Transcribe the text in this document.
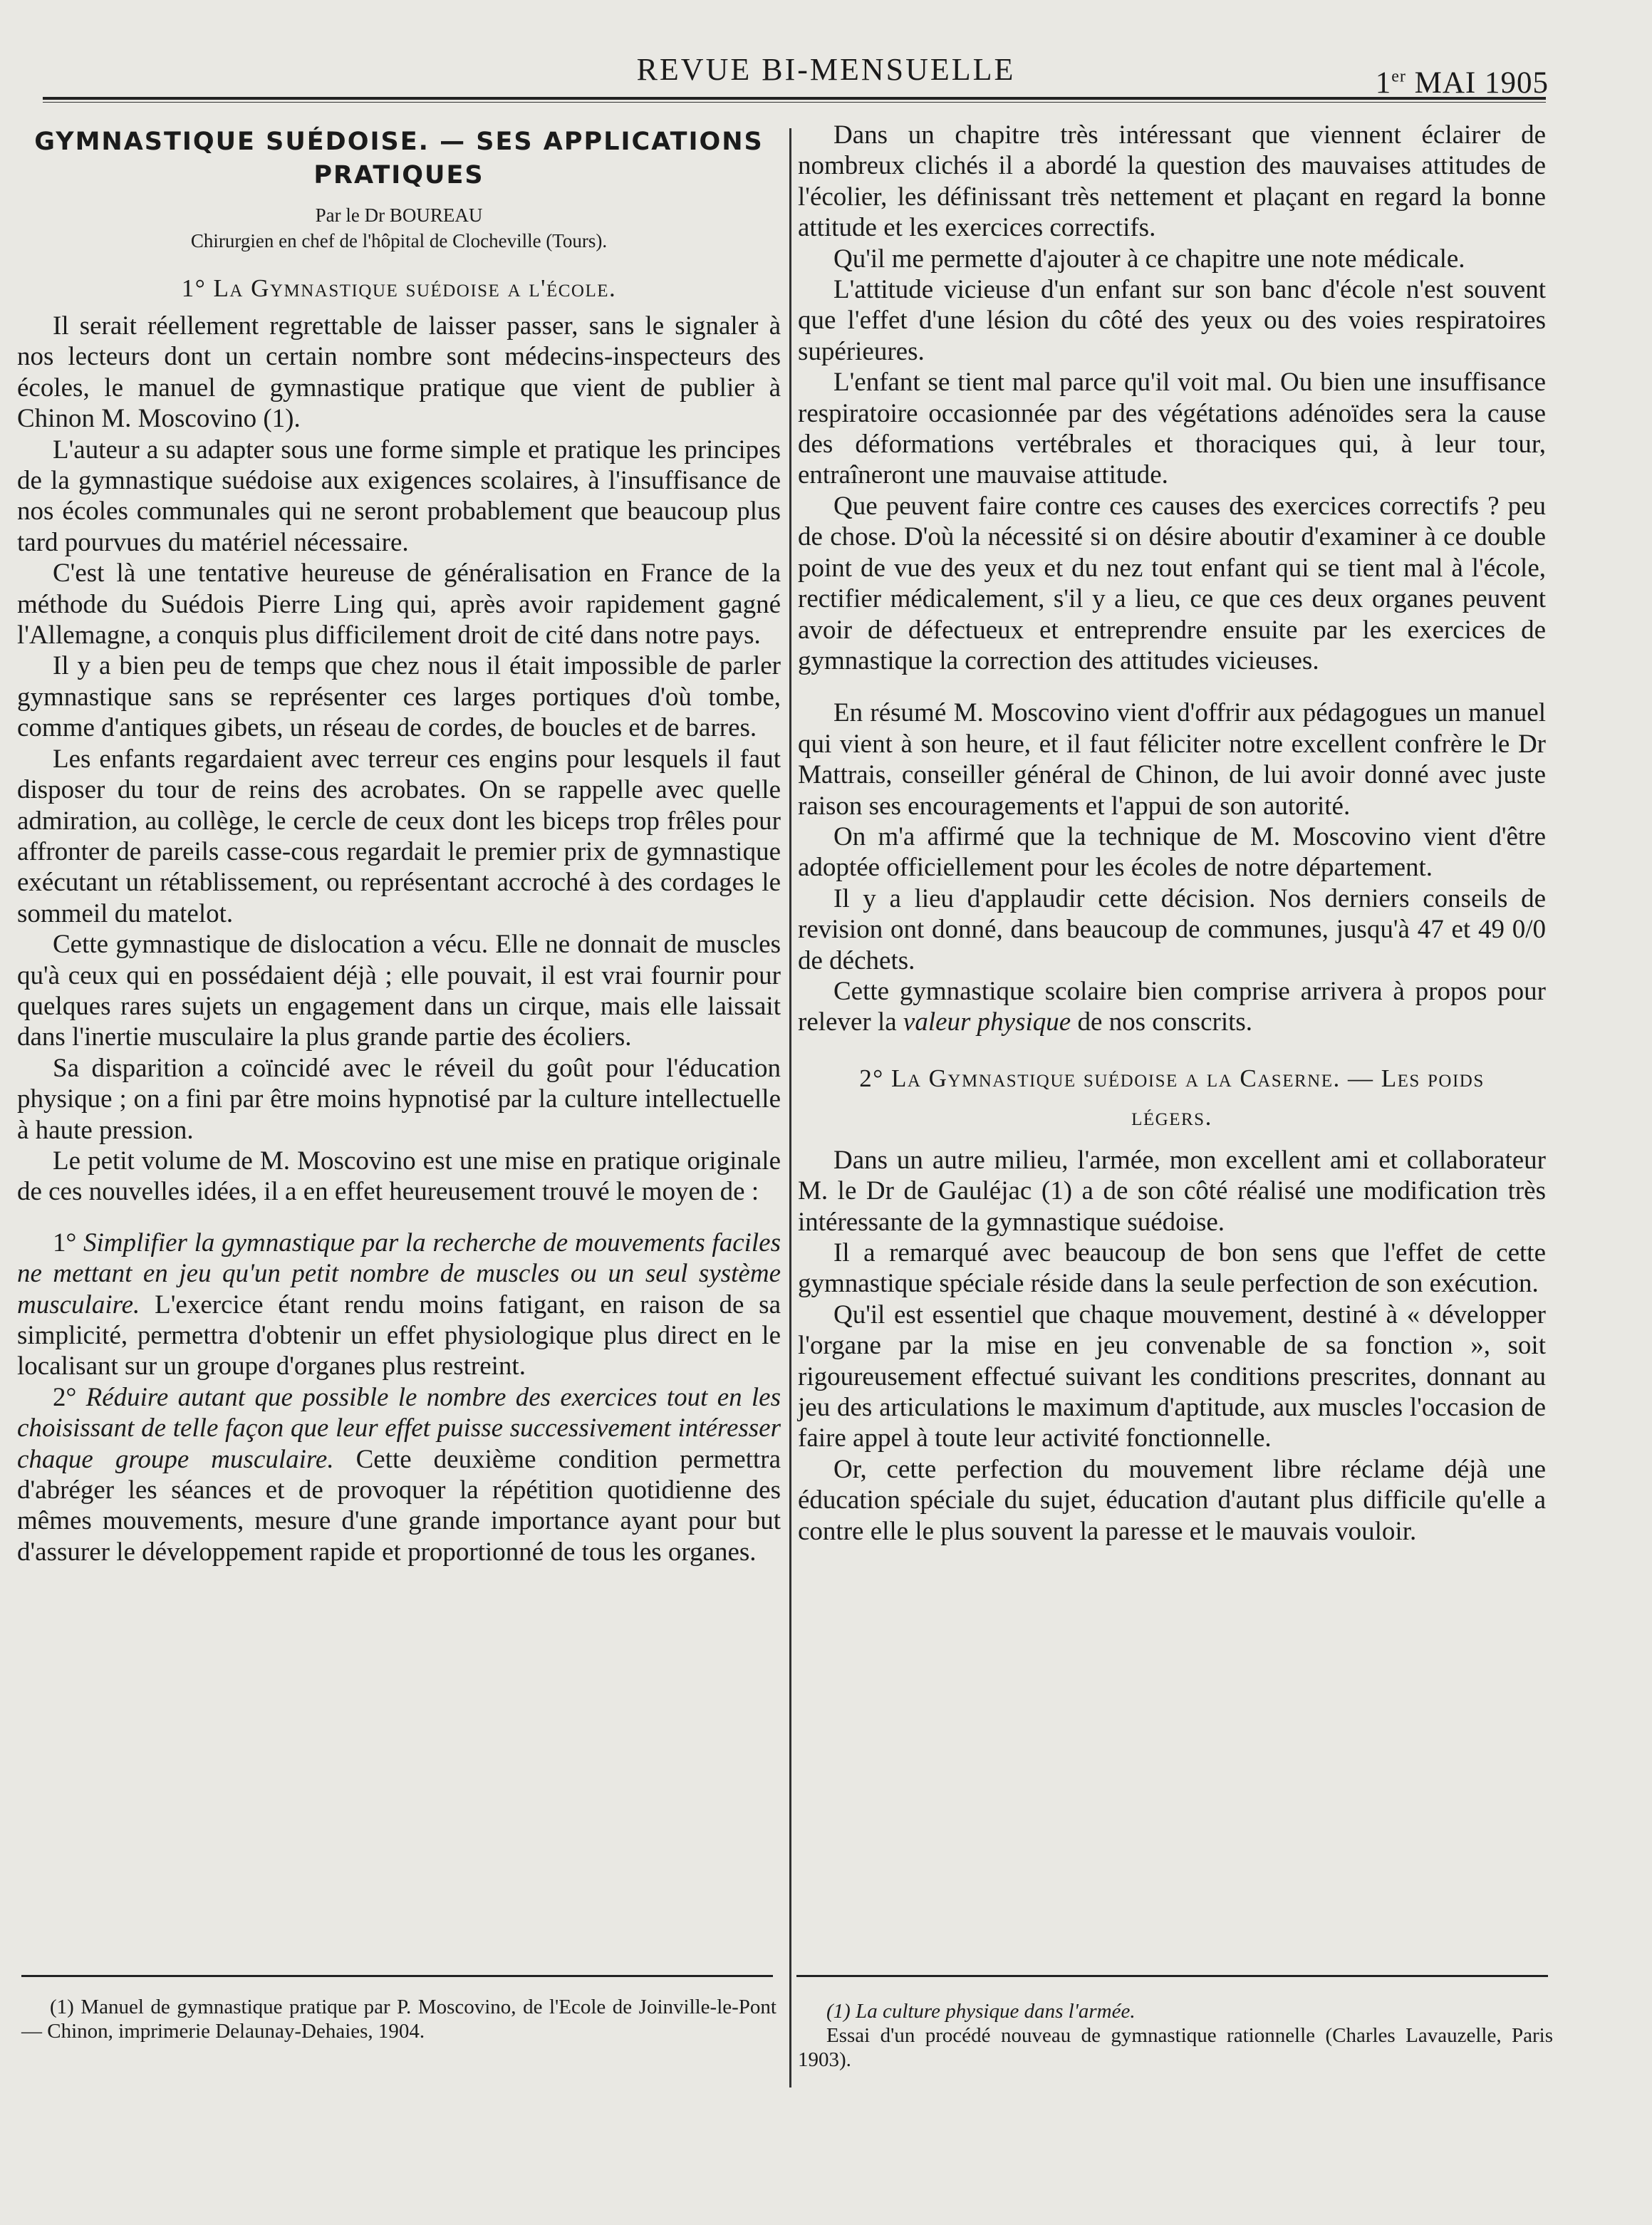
REVUE BI-MENSUELLE	1er MAI 1905
GYMNASTIQUE SUÉDOISE. — SES APPLICATIONS
PRATIQUES
Par le Dr BOUREAU
Chirurgien en chef de l'hôpital de Clocheville (Tours).
1° La Gymnastique suédoise a l'école.

Il serait réellement regrettable de laisser passer, sans le signaler à nos lecteurs dont un certain nombre sont médecins-inspecteurs des écoles, le manuel de gymnastique pratique que vient de publier à Chinon M. Moscovino (1).

L'auteur a su adapter sous une forme simple et pratique les principes de la gymnastique suédoise aux exigences scolaires, à l'insuffisance de nos écoles communales qui ne seront probablement que beaucoup plus tard pourvues du matériel nécessaire.

C'est là une tentative heureuse de généralisation en France de la méthode du Suédois Pierre Ling qui, après avoir rapidement gagné l'Allemagne, a conquis plus difficilement droit de cité dans notre pays.

Il y a bien peu de temps que chez nous il était impossible de parler gymnastique sans se représenter ces larges portiques d'où tombe, comme d'antiques gibets, un réseau de cordes, de boucles et de barres.

Les enfants regardaient avec terreur ces engins pour lesquels il faut disposer du tour de reins des acrobates. On se rappelle avec quelle admiration, au collège, le cercle de ceux dont les biceps trop frêles pour affronter de pareils casse-cous regardait le premier prix de gymnastique exécutant un rétablissement, ou représentant accroché à des cordages le sommeil du matelot.

Cette gymnastique de dislocation a vécu. Elle ne donnait de muscles qu'à ceux qui en possédaient déjà ; elle pouvait, il est vrai fournir pour quelques rares sujets un engagement dans un cirque, mais elle laissait dans l'inertie musculaire la plus grande partie des écoliers.

Sa disparition a coïncidé avec le réveil du goût pour l'éducation physique ; on a fini par être moins hypnotisé par la culture intellectuelle à haute pression.

Le petit volume de M. Moscovino est une mise en pratique originale de ces nouvelles idées, il a en effet heureusement trouvé le moyen de :

1° Simplifier la gymnastique par la recherche de mouvements faciles ne mettant en jeu qu'un petit nombre de muscles ou un seul système musculaire. L'exercice étant rendu moins fatigant, en raison de sa simplicité, permettra d'obtenir un effet physiologique plus direct en le localisant sur un groupe d'organes plus restreint.

2° Réduire autant que possible le nombre des exercices tout en les choisissant de telle façon que leur effet puisse successivement intéresser chaque groupe musculaire. Cette deuxième condition permettra d'abréger les séances et de provoquer la répétition quotidienne des mêmes mouvements, mesure d'une grande importance ayant pour but d'assurer le développement rapide et proportionné de tous les organes.

Dans un chapitre très intéressant que viennent éclairer de nombreux clichés il a abordé la question des mauvaises attitudes de l'écolier, les définissant très nettement et plaçant en regard la bonne attitude et les exercices correctifs.

Qu'il me permette d'ajouter à ce chapitre une note médicale.

L'attitude vicieuse d'un enfant sur son banc d'école n'est souvent que l'effet d'une lésion du côté des yeux ou des voies respiratoires supérieures.

L'enfant se tient mal parce qu'il voit mal. Ou bien une insuffisance respiratoire occasionnée par des végétations adénoïdes sera la cause des déformations vertébrales et thoraciques qui, à leur tour, entraîneront une mauvaise attitude.

Que peuvent faire contre ces causes des exercices correctifs ? peu de chose. D'où la nécessité si on désire aboutir d'examiner à ce double point de vue des yeux et du nez tout enfant qui se tient mal à l'école, rectifier médicalement, s'il y a lieu, ce que ces deux organes peuvent avoir de défectueux et entreprendre ensuite par les exercices de gymnastique la correction des attitudes vicieuses.

En résumé M. Moscovino vient d'offrir aux pédagogues un manuel qui vient à son heure, et il faut féliciter notre excellent confrère le Dr Mattrais, conseiller général de Chinon, de lui avoir donné avec juste raison ses encouragements et l'appui de son autorité.

On m'a affirmé que la technique de M. Moscovino vient d'être adoptée officiellement pour les écoles de notre département.

Il y a lieu d'applaudir cette décision. Nos derniers conseils de revision ont donné, dans beaucoup de communes, jusqu'à 47 et 49 0/0 de déchets.

Cette gymnastique scolaire bien comprise arrivera à propos pour relever la valeur physique de nos conscrits.

2° La Gymnastique suédoise a la Caserne. — Les poids
légers.

Dans un autre milieu, l'armée, mon excellent ami et collaborateur M. le Dr de Gauléjac (1) a de son côté réalisé une modification très intéressante de la gymnastique suédoise.

Il a remarqué avec beaucoup de bon sens que l'effet de cette gymnastique spéciale réside dans la seule perfection de son exécution.

Qu'il est essentiel que chaque mouvement, destiné à « développer l'organe par la mise en jeu convenable de sa fonction », soit rigoureusement effectué suivant les conditions prescrites, donnant au jeu des articulations le maximum d'aptitude, aux muscles l'occasion de faire appel à toute leur activité fonctionnelle.

Or, cette perfection du mouvement libre réclame déjà une éducation spéciale du sujet, éducation d'autant plus difficile qu'elle a contre elle le plus souvent la paresse et le mauvais vouloir.

(1) Manuel de gymnastique pratique par P. Moscovino, de l'Ecole de Joinville-le-Pont — Chinon, imprimerie Delaunay-Dehaies, 1904.

(1) La culture physique dans l'armée.

Essai d'un procédé nouveau de gymnastique rationnelle (Charles Lavauzelle, Paris 1903).
